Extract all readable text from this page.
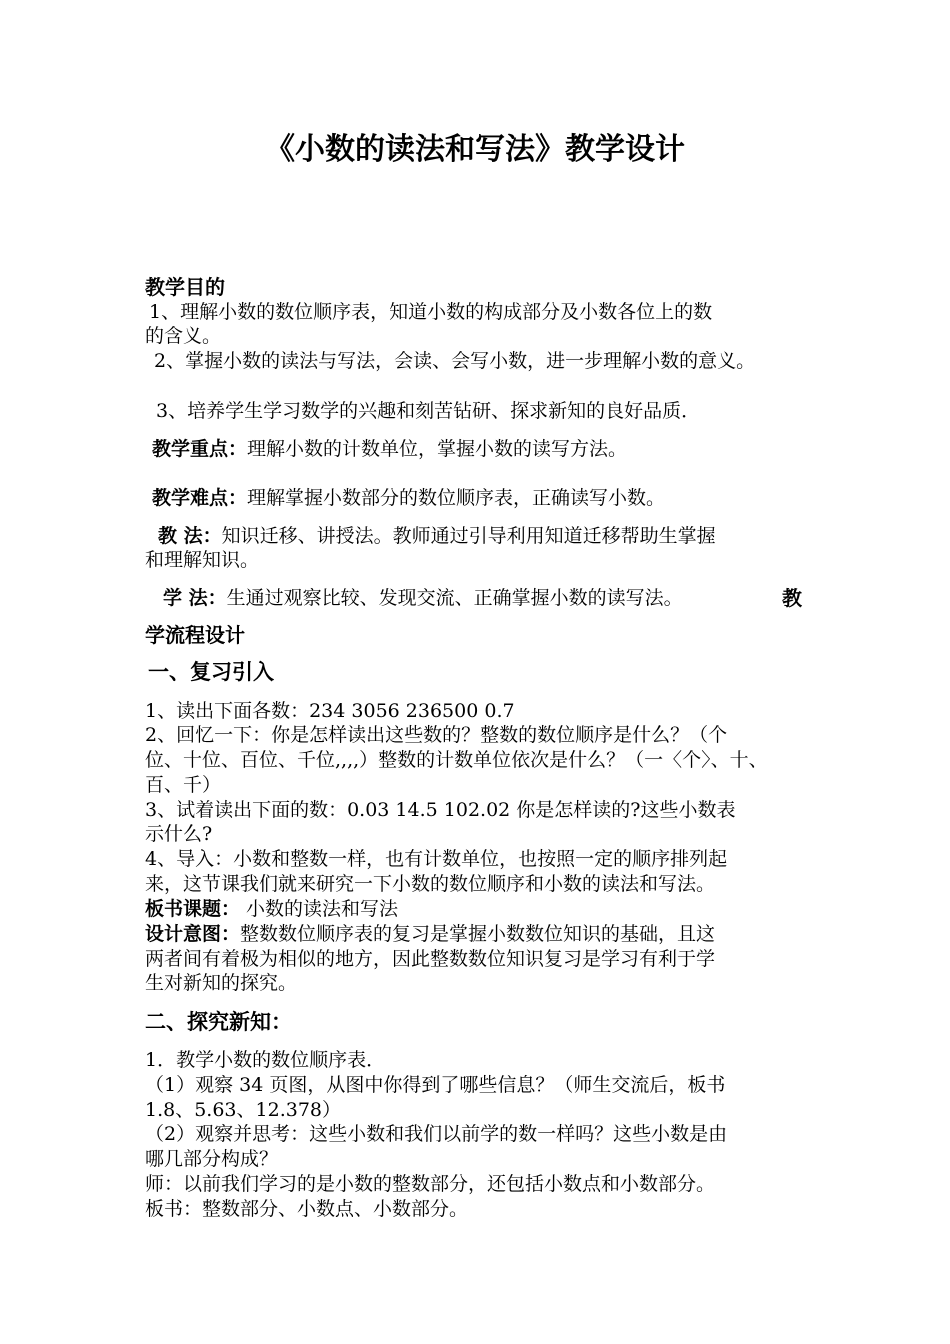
《小数的读法和写法》教学设计
教学目的
1、理解小数的数位顺序表，知道小数的构成部分及小数各位上的数
的含义。
2、掌握小数的读法与写法，会读、会写小数，进一步理解小数的意义。
3、培养学生学习数学的兴趣和刻苦钻研、探求新知的良好品质．
教学重点：理解小数的计数单位，掌握小数的读写方法。
教学难点：理解掌握小数部分的数位顺序表，正确读写小数。
教 法：知识迁移、讲授法。教师通过引导利用知道迁移帮助生掌握
和理解知识。
学 法：生通过观察比较、发现交流、正确掌握小数的读写法。	教
学流程设计
一、复习引入
1、读出下面各数：234 3056 236500 0.7
2、回忆一下：你是怎样读出这些数的？整数的数位顺序是什么？（个
位、十位、百位、千位,,,,）整数的计数单位依次是什么？（一〈个〉、十、
百、千）
3、试着读出下面的数：0.03 14.5 102.02 你是怎样读的?这些小数表
示什么?
4、导入：小数和整数一样，也有计数单位，也按照一定的顺序排列起
来，这节课我们就来研究一下小数的数位顺序和小数的读法和写法。
板书课题： 小数的读法和写法
设计意图：整数数位顺序表的复习是掌握小数数位知识的基础，且这
两者间有着极为相似的地方，因此整数数位知识复习是学习有利于学
生对新知的探究。
二、探究新知：
1．教学小数的数位顺序表．
（1）观察 34 页图，从图中你得到了哪些信息？（师生交流后，板书
1.8、5.63、12.378）
（2）观察并思考：这些小数和我们以前学的数一样吗？这些小数是由
哪几部分构成？
师：以前我们学习的是小数的整数部分，还包括小数点和小数部分。
板书：整数部分、小数点、小数部分。
